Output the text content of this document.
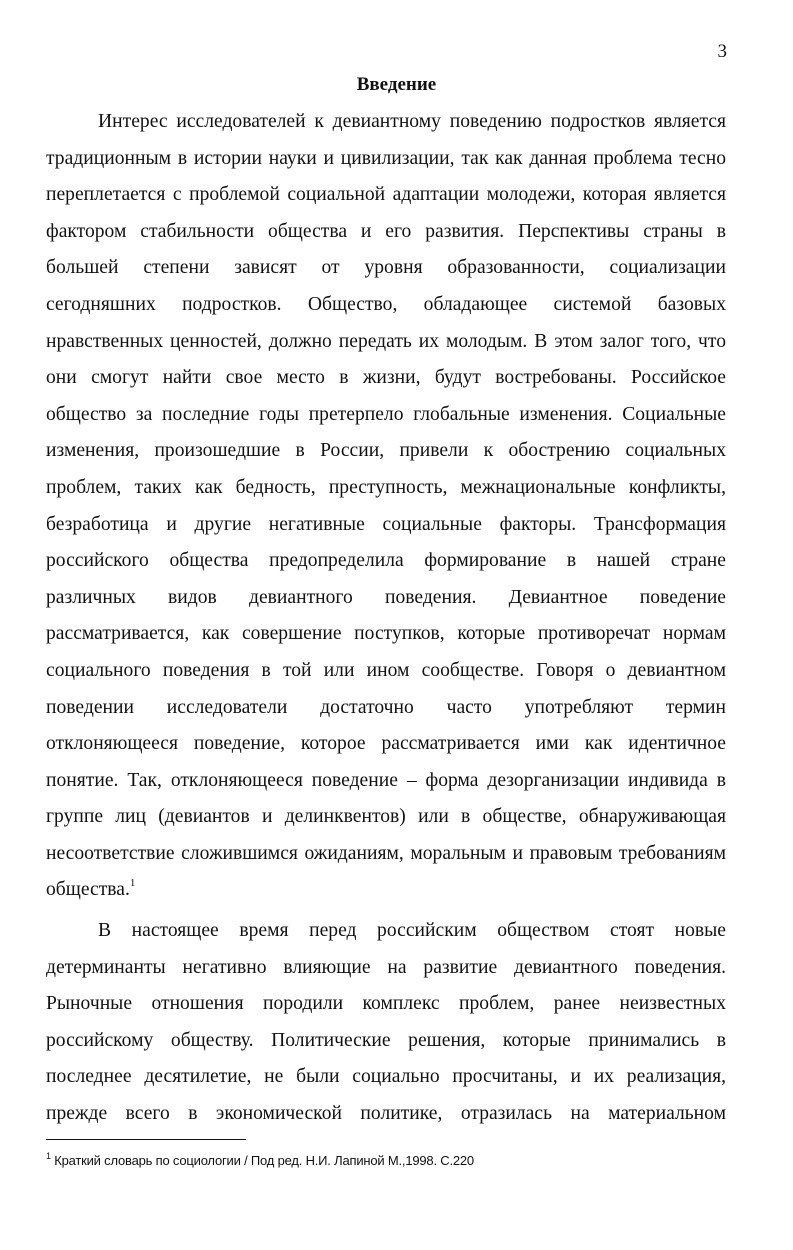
3
Введение
Интерес исследователей к девиантному поведению подростков является
традиционным в истории науки и цивилизации, так как данная проблема тесно
переплетается с проблемой социальной адаптации молодежи, которая является
фактором стабильности общества и его развития. Перспективы страны в
большей степени зависят от уровня образованности, социализации
сегодняшних подростков. Общество, обладающее системой базовых
нравственных ценностей, должно передать их молодым. В этом залог того, что
они смогут найти свое место в жизни, будут востребованы. Российское
общество за последние годы претерпело глобальные изменения. Социальные
изменения, произошедшие в России, привели к обострению социальных
проблем, таких как бедность, преступность, межнациональные конфликты,
безработица и другие негативные социальные факторы. Трансформация
российского общества предопределила формирование в нашей стране
различных видов девиантного поведения. Девиантное поведение
рассматривается, как совершение поступков, которые противоречат нормам
социального поведения в той или ином сообществе. Говоря о девиантном
поведении исследователи достаточно часто употребляют термин
отклоняющееся поведение, которое рассматривается ими как идентичное
понятие. Так, отклоняющееся поведение – форма дезорганизации индивида в
группе лиц (девиантов и делинквентов) или в обществе, обнаруживающая
несоответствие сложившимся ожиданиям, моральным и правовым требованиям
общества.$^1$
В настоящее время перед российским обществом стоят новые
детерминанты негативно влияющие на развитие девиантного поведения.
Рыночные отношения породили комплекс проблем, ранее неизвестных
российскому обществу. Политические решения, которые принимались в
последнее десятилетие, не были социально просчитаны, и их реализация,
прежде всего в экономической политике, отразилась на материальном
$^1$ Краткий словарь по социологии / Под ред. Н.И. Лапиной М.,1998. С.220
